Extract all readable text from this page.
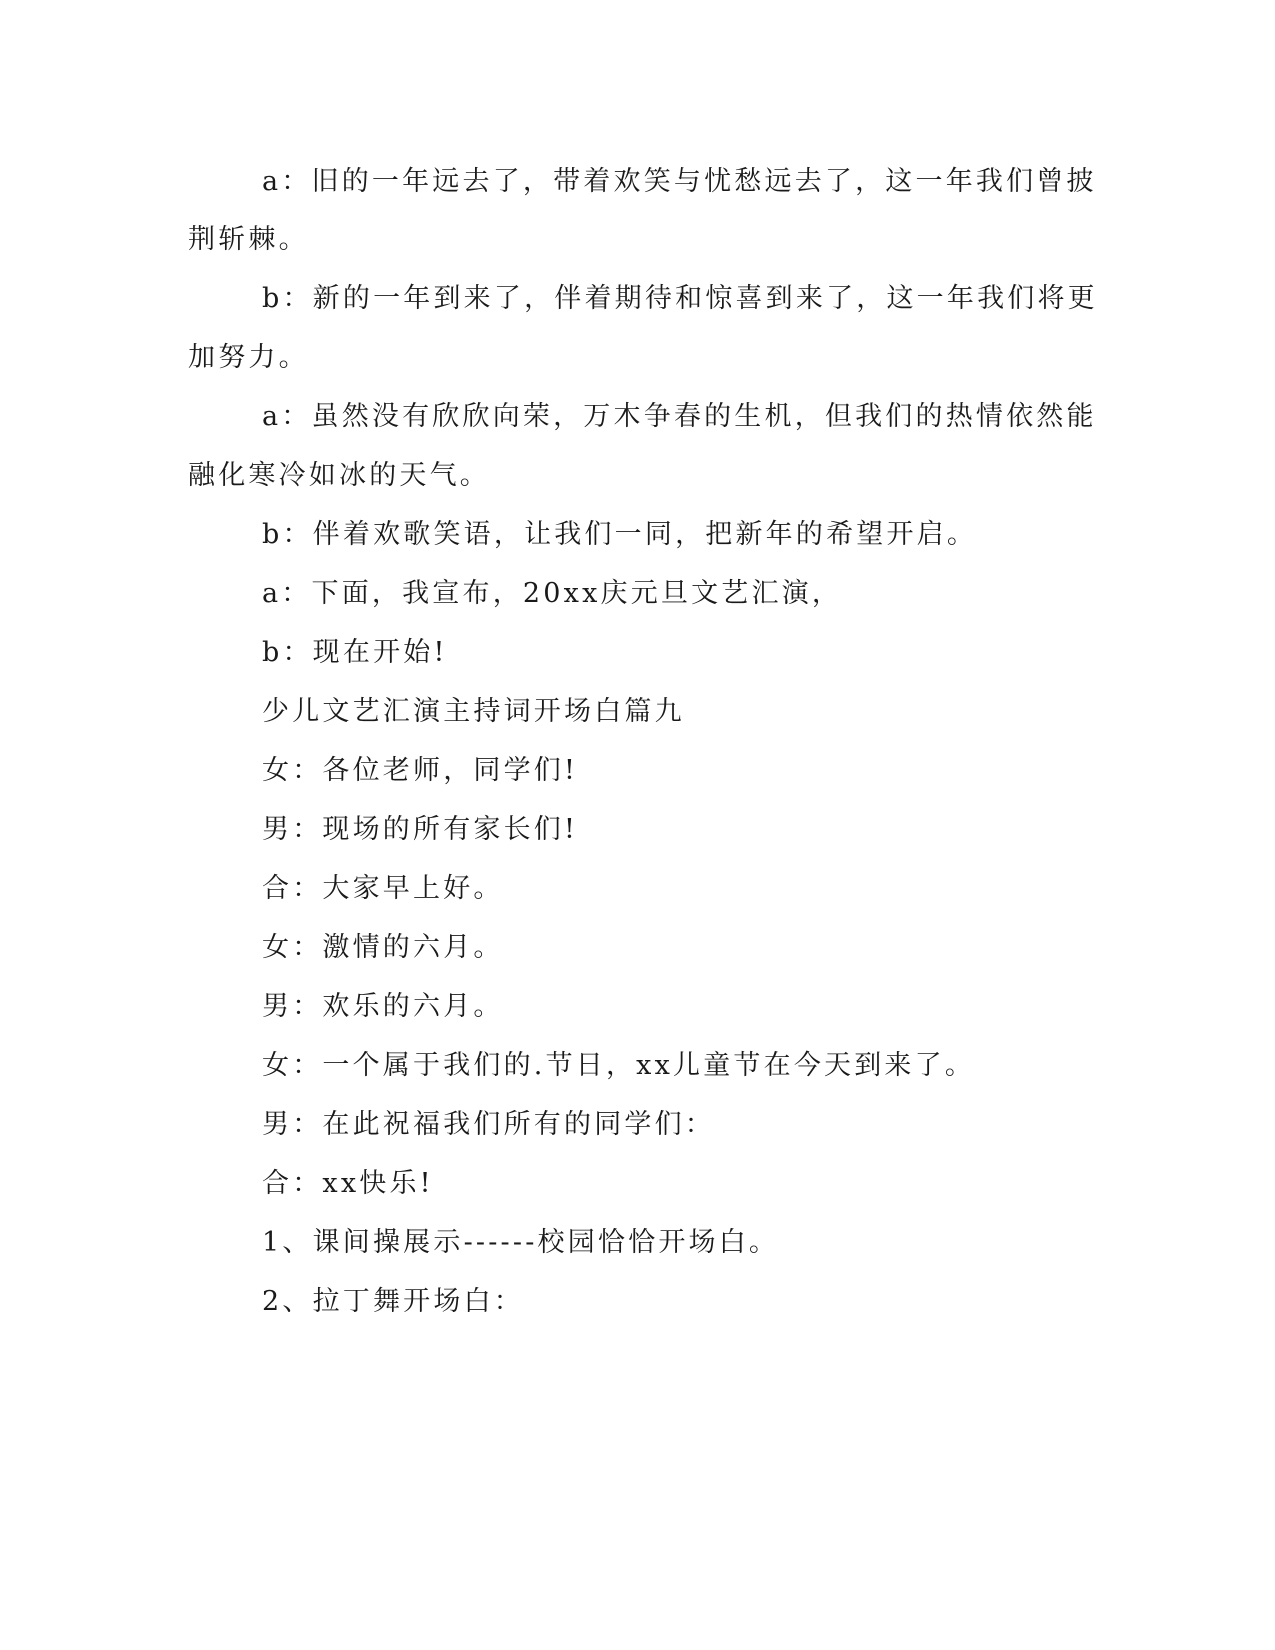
a：旧的一年远去了，带着欢笑与忧愁远去了，这一年我们曾披
荆斩棘。
b：新的一年到来了，伴着期待和惊喜到来了，这一年我们将更
加努力。
a：虽然没有欣欣向荣，万木争春的生机，但我们的热情依然能
融化寒冷如冰的天气。
b：伴着欢歌笑语，让我们一同，把新年的希望开启。
a：下面，我宣布，20xx庆元旦文艺汇演，
b：现在开始!
少儿文艺汇演主持词开场白篇九
女：各位老师，同学们!
男：现场的所有家长们!
合：大家早上好。
女：激情的六月。
男：欢乐的六月。
女：一个属于我们的.节日，xx儿童节在今天到来了。
男：在此祝福我们所有的同学们：
合：xx快乐!
1、课间操展示------校园恰恰开场白。
2、拉丁舞开场白：
